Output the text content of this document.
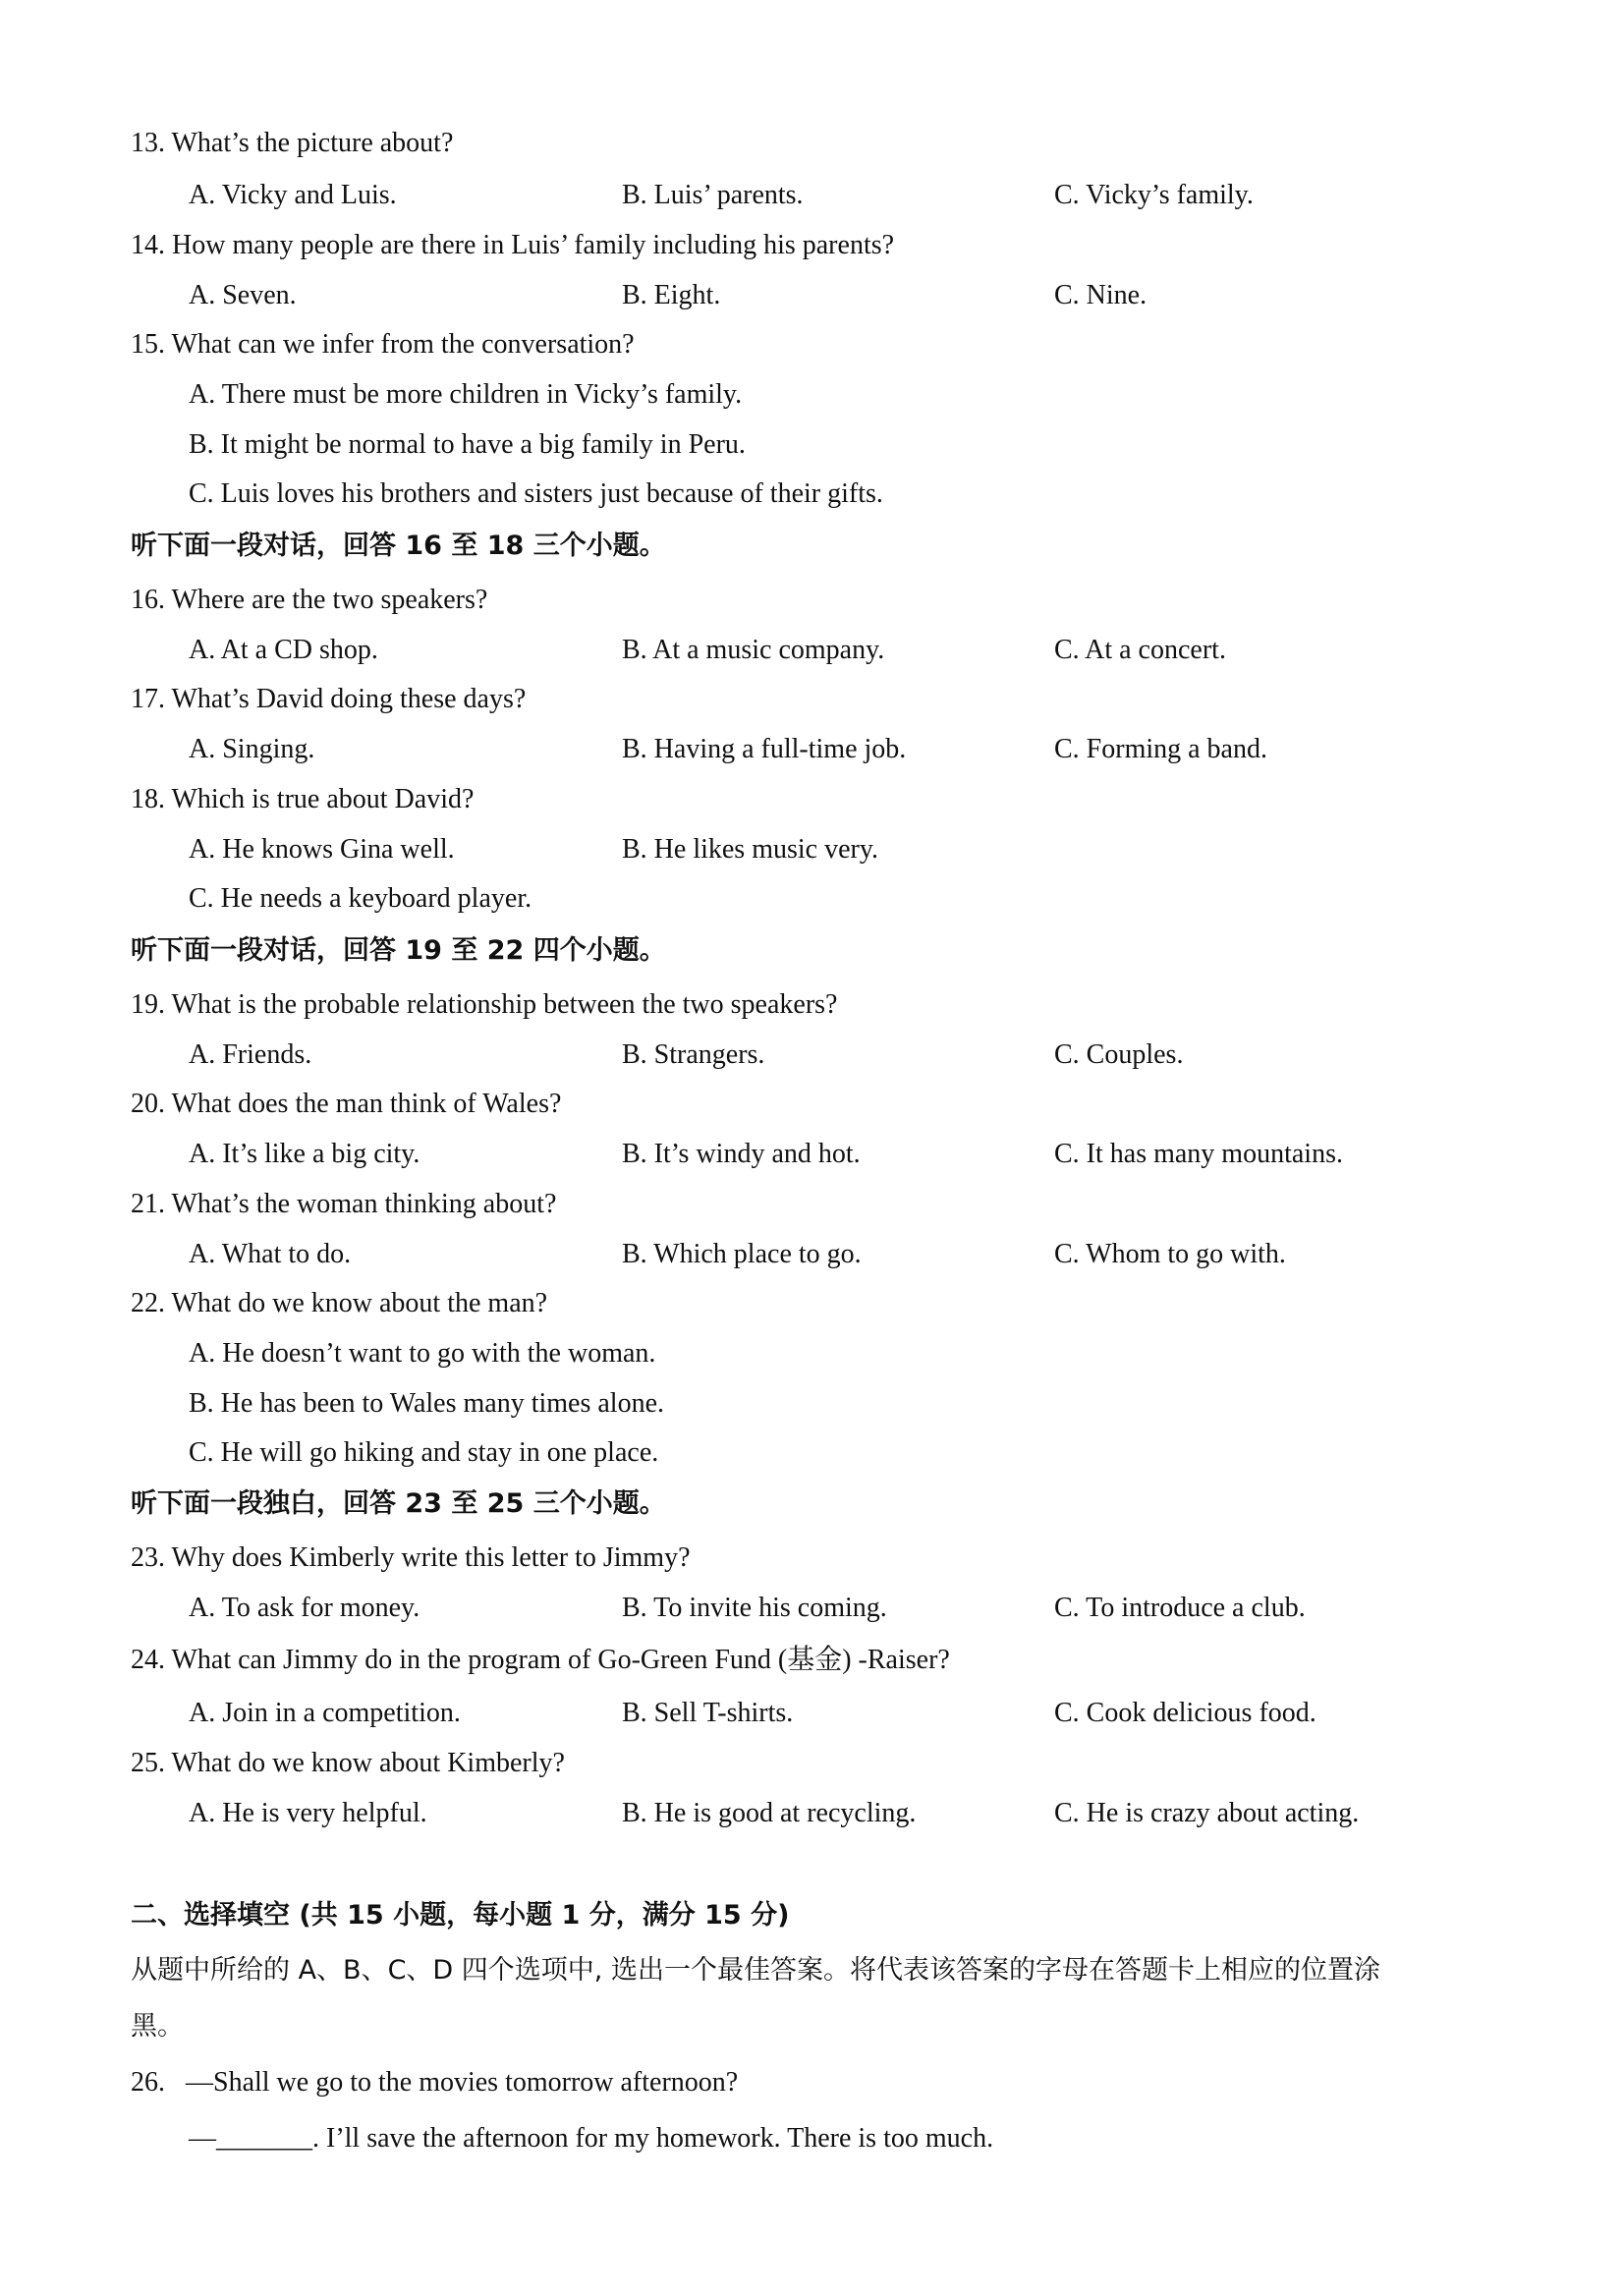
13. What’s the picture about?
A. Vicky and Luis.	B. Luis’ parents.	C. Vicky’s family.
14. How many people are there in Luis’ family including his parents?
A. Seven.	B. Eight.	C. Nine.
15. What can we infer from the conversation?
A. There must be more children in Vicky’s family.
B. It might be normal to have a big family in Peru.
C. Luis loves his brothers and sisters just because of their gifts.
听下面一段对话，回答 16 至 18 三个小题。
16. Where are the two speakers?
A. At a CD shop.	B. At a music company.	C. At a concert.
17. What’s David doing these days?
A. Singing.	B. Having a full-time job.	C. Forming a band.
18. Which is true about David?
A. He knows Gina well.	B. He likes music very.
C. He needs a keyboard player.
听下面一段对话，回答 19 至 22 四个小题。
19. What is the probable relationship between the two speakers?
A. Friends.	B. Strangers.	C. Couples.
20. What does the man think of Wales?
A. It’s like a big city.	B. It’s windy and hot.	C. It has many mountains.
21. What’s the woman thinking about?
A. What to do.	B. Which place to go.	C. Whom to go with.
22. What do we know about the man?
A. He doesn’t want to go with the woman.
B. He has been to Wales many times alone.
C. He will go hiking and stay in one place.
听下面一段独白，回答 23 至 25 三个小题。
23. Why does Kimberly write this letter to Jimmy?
A. To ask for money.	B. To invite his coming.	C. To introduce a club.
24. What can Jimmy do in the program of Go-Green Fund (基金) -Raiser?
A. Join in a competition.	B. Sell T-shirts.	C. Cook delicious food.
25. What do we know about Kimberly?
A. He is very helpful.	B. He is good at recycling.	C. He is crazy about acting.
二、选择填空 (共 15 小题，每小题 1 分，满分 15 分)
从题中所给的 A、B、C、D 四个选项中, 选出一个最佳答案。将代表该答案的字母在答题卡上相应的位置涂
黑。
26.   —Shall we go to the movies tomorrow afternoon?
—_______. I’ll save the afternoon for my homework. There is too much.
